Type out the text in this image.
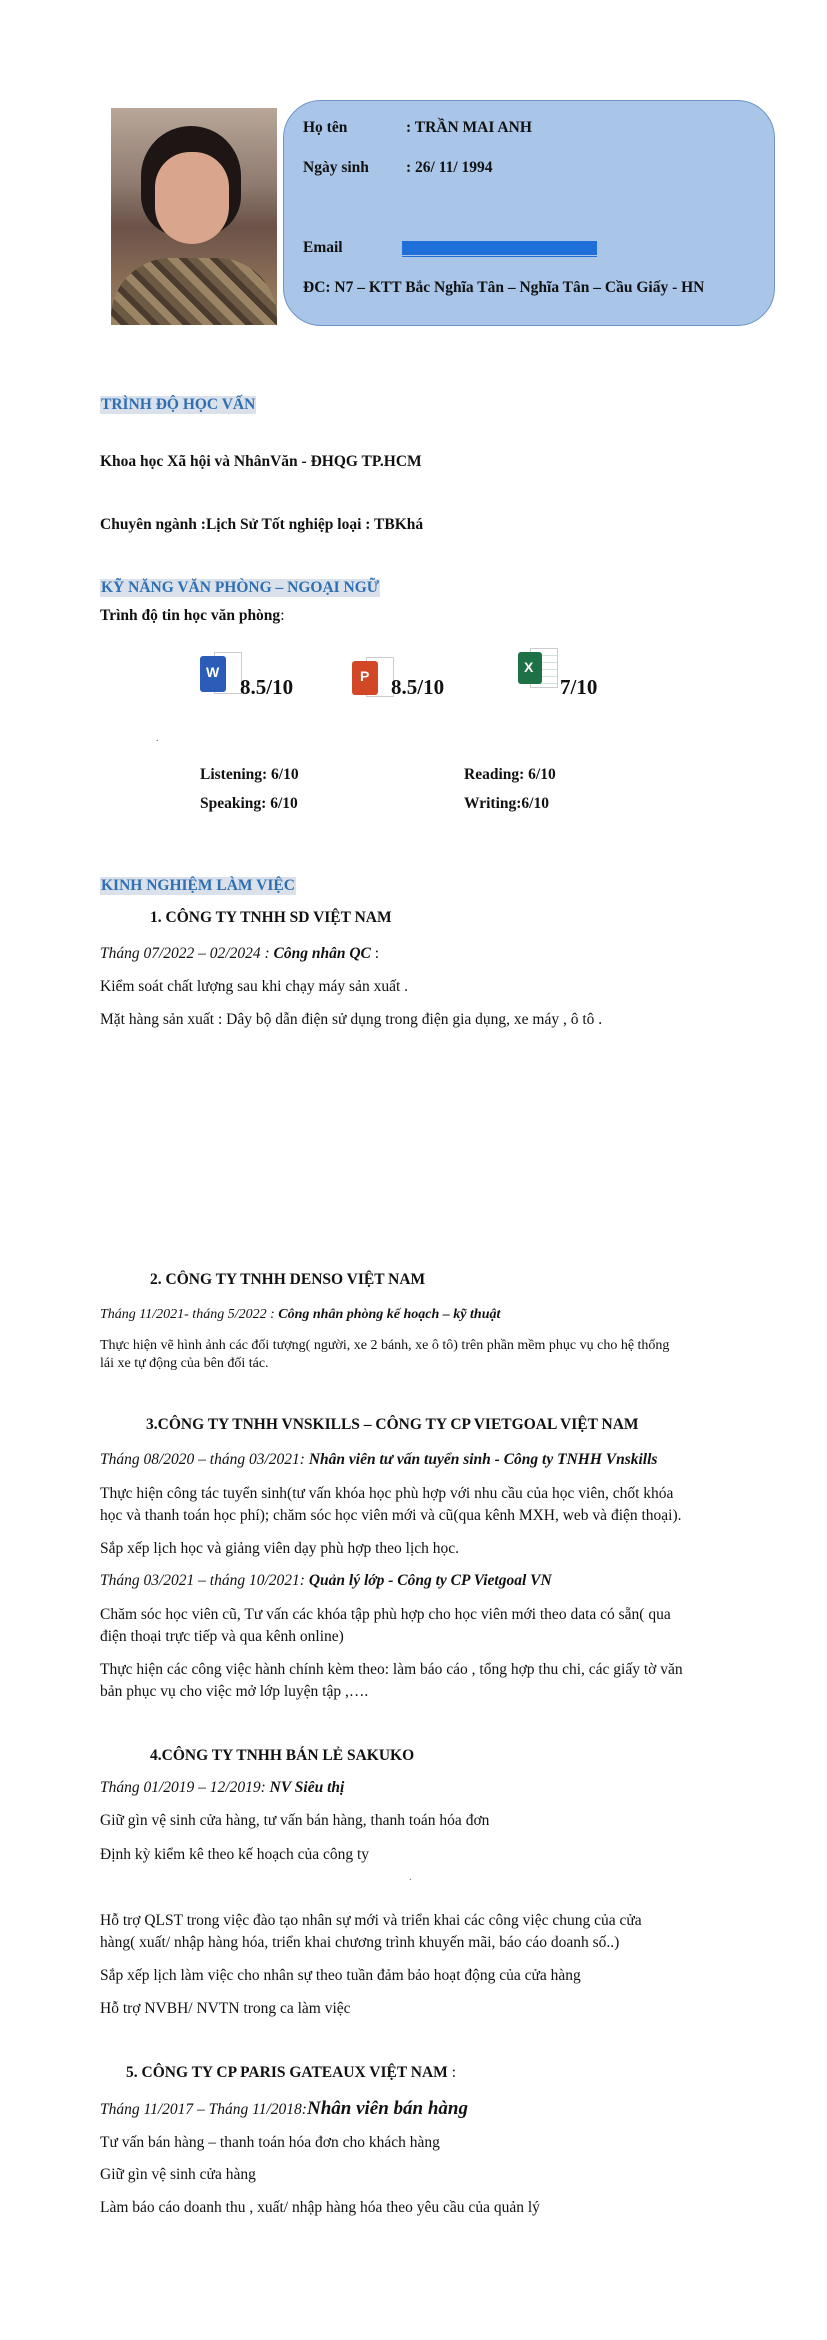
Họ tên	: TRẦN MAI ANH
Ngày sinh : 26/ 11/ 1994
Email
ĐC: N7 – KTT Bắc Nghĩa Tân – Nghĩa Tân – Cầu Giấy - HN
TRÌNH ĐỘ HỌC VẤN
Khoa học Xã hội và NhânVăn - ĐHQG TP.HCM
Chuyên ngành :Lịch Sử Tốt nghiệp loại : TBKhá
KỸ NĂNG VĂN PHÒNG – NGOẠI NGỮ
Trình độ tin học văn phòng:
W
8.5/10	P 8.5/10
X
7/10
.
Listening: 6/10	Reading: 6/10
Speaking: 6/10	Writing:6/10
KINH NGHIỆM LÀM VIỆC
1. CÔNG TY TNHH SD VIỆT NAM
Tháng 07/2022 – 02/2024 : Công nhân QC :
Kiểm soát chất lượng sau khi chạy máy sản xuất .
Mặt hàng sản xuất : Dây bộ dẫn điện sử dụng trong điện gia dụng, xe máy , ô tô .
2. CÔNG TY TNHH DENSO VIỆT NAM
Tháng 11/2021- tháng 5/2022 : Công nhân phòng kế hoạch – kỹ thuật
Thực hiện vẽ hình ảnh các đối tượng( người, xe 2 bánh, xe ô tô) trên phần mềm phục vụ cho hệ thống
lái xe tự động của bên đối tác.
3.CÔNG TY TNHH VNSKILLS – CÔNG TY CP VIETGOAL VIỆT NAM
Tháng 08/2020 – tháng 03/2021: Nhân viên tư vấn tuyển sinh - Công ty TNHH Vnskills
Thực hiện công tác tuyển sinh(tư vấn khóa học phù hợp với nhu cầu của học viên, chốt khóa
học và thanh toán học phí); chăm sóc học viên mới và cũ(qua kênh MXH, web và điện thoại).
Sắp xếp lịch học và giảng viên dạy phù hợp theo lịch học.
Tháng 03/2021 – tháng 10/2021: Quản lý lớp - Công ty CP Vietgoal VN
Chăm sóc học viên cũ, Tư vấn các khóa tập phù hợp cho học viên mới theo data có sẵn( qua
điện thoại trực tiếp và qua kênh online)
Thực hiện các công việc hành chính kèm theo: làm báo cáo , tổng hợp thu chi, các giấy tờ văn
bản phục vụ cho việc mở lớp luyện tập ,….
4.CÔNG TY TNHH BÁN LẺ SAKUKO
Tháng 01/2019 – 12/2019: NV Siêu thị
Giữ gìn vệ sinh cửa hàng, tư vấn bán hàng, thanh toán hóa đơn
Định kỳ kiểm kê theo kế hoạch của công ty
.
Hỗ trợ QLST trong việc đào tạo nhân sự mới và triển khai các công việc chung của cửa
hàng( xuất/ nhập hàng hóa, triển khai chương trình khuyến mãi, báo cáo doanh số..)
Sắp xếp lịch làm việc cho nhân sự theo tuần đảm bảo hoạt động của cửa hàng
Hỗ trợ NVBH/ NVTN trong ca làm việc
5. CÔNG TY CP PARIS GATEAUX VIỆT NAM :
Tháng 11/2017 – Tháng 11/2018:Nhân viên bán hàng
Tư vấn bán hàng – thanh toán hóa đơn cho khách hàng
Giữ gìn vệ sinh cửa hàng
Làm báo cáo doanh thu , xuất/ nhập hàng hóa theo yêu cầu của quản lý
